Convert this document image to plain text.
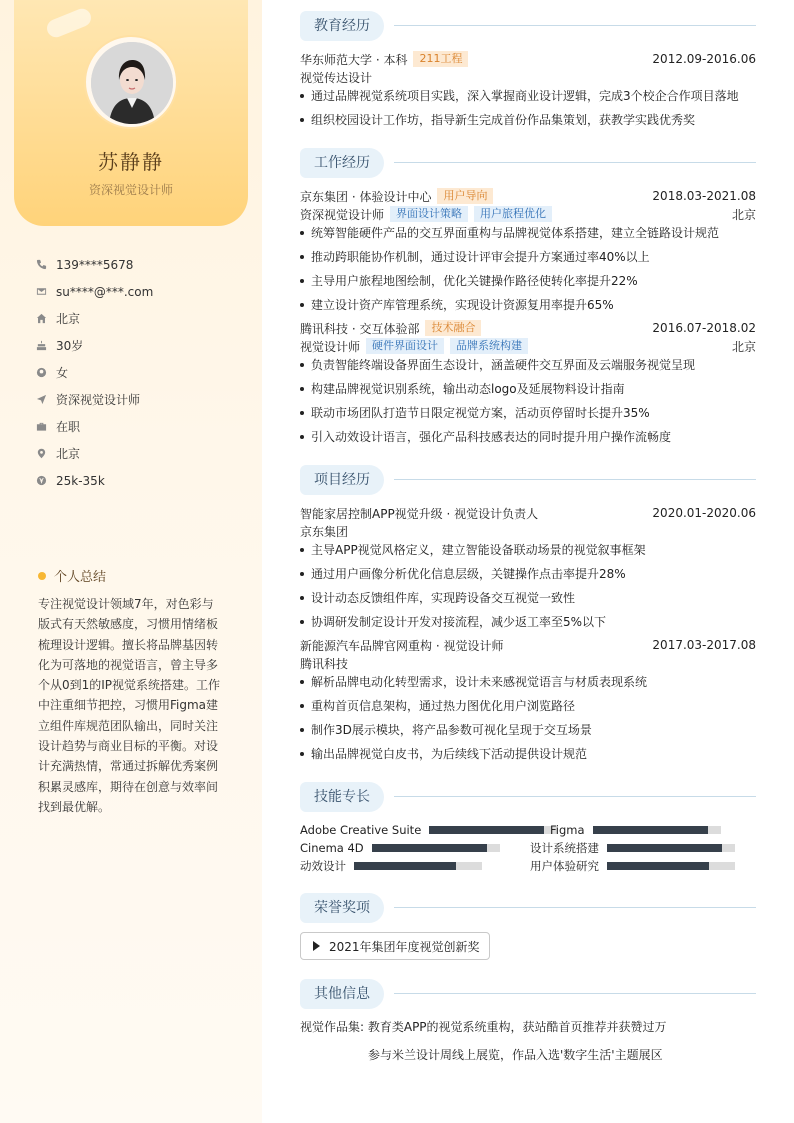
苏静静
资深视觉设计师
139****5678
su****@***.com
北京
30岁
女
资深视觉设计师
在职
北京
25k-35k
个人总结
专注视觉设计领域7年，对色彩与
版式有天然敏感度，习惯用情绪板
梳理设计逻辑。擅长将品牌基因转
化为可落地的视觉语言，曾主导多
个从0到1的IP视觉系统搭建。工作
中注重细节把控，习惯用Figma建
立组件库规范团队输出，同时关注
设计趋势与商业目标的平衡。对设
计充满热情，常通过拆解优秀案例
积累灵感库，期待在创意与效率间
找到最优解。
教育经历
华东师范大学 · 本科	211工程	2012.09-2016.06
视觉传达设计
通过品牌视觉系统项目实践，深入掌握商业设计逻辑，完成3个校企合作项目落地
组织校园设计工作坊，指导新生完成首份作品集策划，获教学实践优秀奖
工作经历
京东集团 · 体验设计中心	用户导向	2018.03-2021.08
资深视觉设计师	界面设计策略	用户旅程优化	北京
统筹智能硬件产品的交互界面重构与品牌视觉体系搭建，建立全链路设计规范
推动跨职能协作机制，通过设计评审会提升方案通过率40%以上
主导用户旅程地图绘制，优化关键操作路径使转化率提升22%
建立设计资产库管理系统，实现设计资源复用率提升65%
腾讯科技 · 交互体验部	技术融合	2016.07-2018.02
视觉设计师	硬件界面设计	品牌系统构建	北京
负责智能终端设备界面生态设计，涵盖硬件交互界面及云端服务视觉呈现
构建品牌视觉识别系统，输出动态logo及延展物料设计指南
联动市场团队打造节日限定视觉方案，活动页停留时长提升35%
引入动效设计语言，强化产品科技感表达的同时提升用户操作流畅度
项目经历
智能家居控制APP视觉升级 · 视觉设计负责人	2020.01-2020.06
京东集团
主导APP视觉风格定义，建立智能设备联动场景的视觉叙事框架
通过用户画像分析优化信息层级，关键操作点击率提升28%
设计动态反馈组件库，实现跨设备交互视觉一致性
协调研发制定设计开发对接流程，减少返工率至5%以下
新能源汽车品牌官网重构 · 视觉设计师	2017.03-2017.08
腾讯科技
解析品牌电动化转型需求，设计未来感视觉语言与材质表现系统
重构首页信息架构，通过热力图优化用户浏览路径
制作3D展示模块，将产品参数可视化呈现于交互场景
输出品牌视觉白皮书，为后续线下活动提供设计规范
技能专长
Adobe Creative Suite	Figma
Cinema 4D	设计系统搭建
动效设计	用户体验研究
荣誉奖项
2021年集团年度视觉创新奖
其他信息
视觉作品集: 教育类APP的视觉系统重构，获站酷首页推荐并获赞过万
参与米兰设计周线上展览，作品入选'数字生活'主题展区
